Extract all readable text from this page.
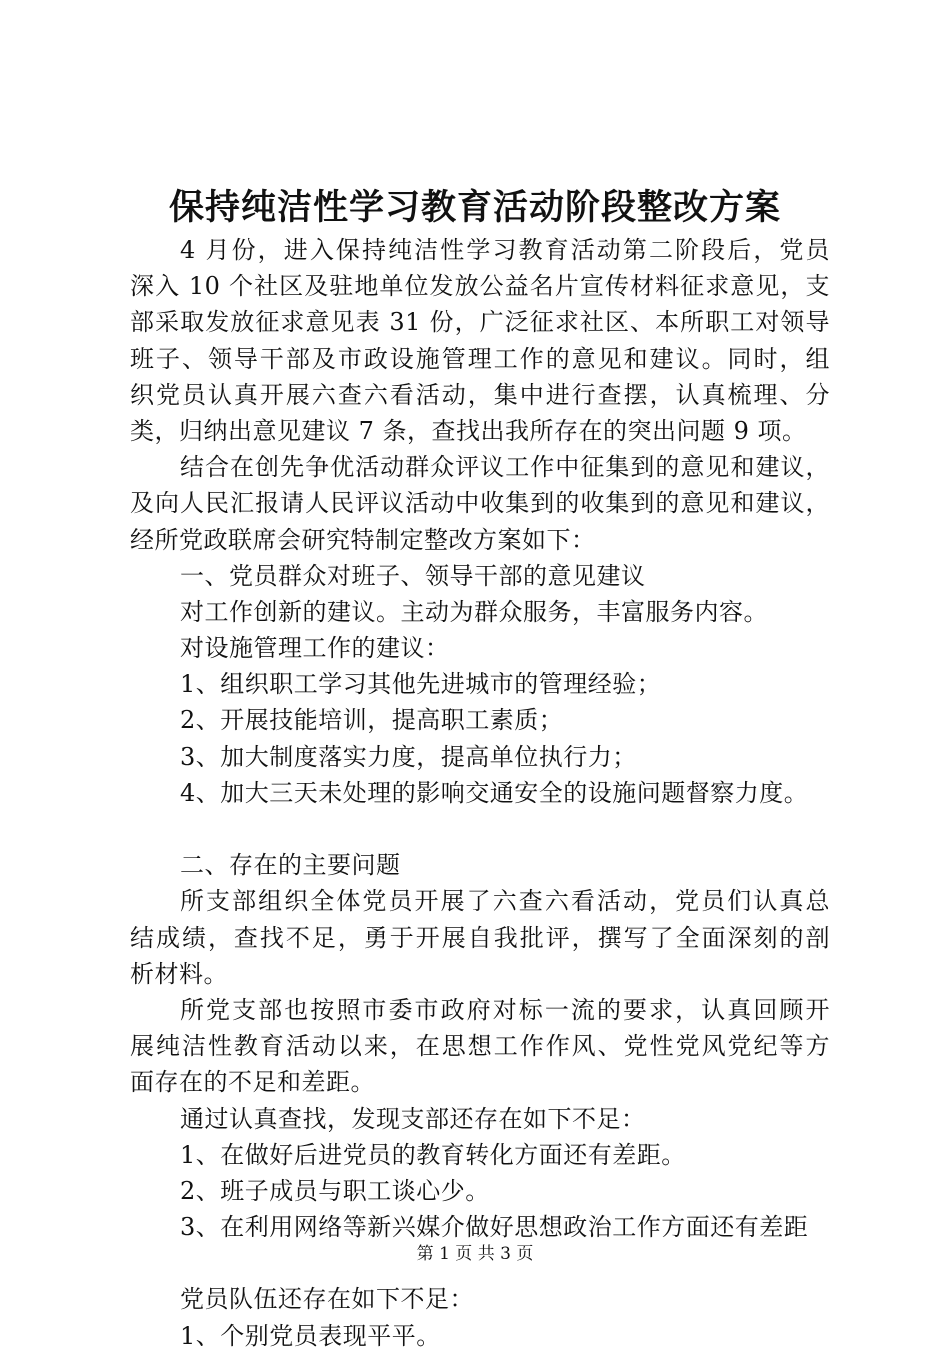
保持纯洁性学习教育活动阶段整改方案
4 月份，进入保持纯洁性学习教育活动第二阶段后，党员
深入 10 个社区及驻地单位发放公益名片宣传材料征求意见，支
部采取发放征求意见表 31 份，广泛征求社区、本所职工对领导
班子、领导干部及市政设施管理工作的意见和建议。同时，组
织党员认真开展六查六看活动，集中进行查摆，认真梳理、分
类，归纳出意见建议 7 条，查找出我所存在的突出问题 9 项。
结合在创先争优活动群众评议工作中征集到的意见和建议，
及向人民汇报请人民评议活动中收集到的收集到的意见和建议，
经所党政联席会研究特制定整改方案如下：
一、党员群众对班子、领导干部的意见建议
对工作创新的建议。主动为群众服务，丰富服务内容。
对设施管理工作的建议：
1、组织职工学习其他先进城市的管理经验；
2、开展技能培训，提高职工素质；
3、加大制度落实力度，提高单位执行力；
4、加大三天未处理的影响交通安全的设施问题督察力度。
二、存在的主要问题
所支部组织全体党员开展了六查六看活动，党员们认真总
结成绩，查找不足，勇于开展自我批评，撰写了全面深刻的剖
析材料。
所党支部也按照市委市政府对标一流的要求，认真回顾开
展纯洁性教育活动以来，在思想工作作风、党性党风党纪等方
面存在的不足和差距。
通过认真查找，发现支部还存在如下不足：
1、在做好后进党员的教育转化方面还有差距。
2、班子成员与职工谈心少。
3、在利用网络等新兴媒介做好思想政治工作方面还有差距
党员队伍还存在如下不足：
1、个别党员表现平平。
第 1 页 共 3 页
